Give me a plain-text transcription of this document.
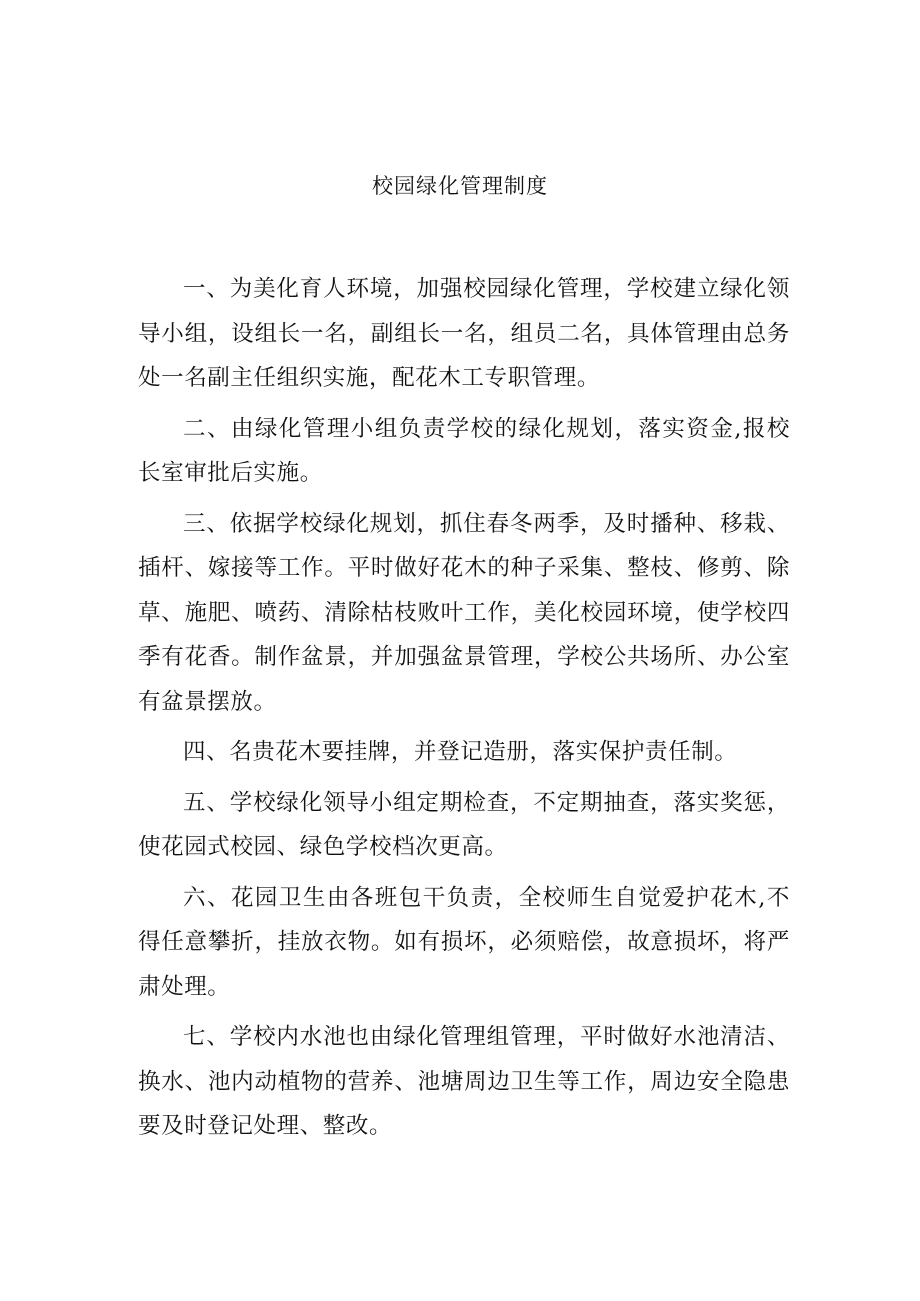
校园绿化管理制度

一、为美化育人环境，加强校园绿化管理，学校建立绿化领导小组，设组长一名，副组长一名，组员二名，具体管理由总务处一名副主任组织实施，配花木工专职管理。

二、由绿化管理小组负责学校的绿化规划，落实资金,报校长室审批后实施。

三、依据学校绿化规划，抓住春冬两季，及时播种、移栽、插杆、嫁接等工作。平时做好花木的种子采集、整枝、修剪、除草、施肥、喷药、清除枯枝败叶工作，美化校园环境，使学校四季有花香。制作盆景，并加强盆景管理，学校公共场所、办公室有盆景摆放。

四、名贵花木要挂牌，并登记造册，落实保护责任制。

五、学校绿化领导小组定期检查，不定期抽查，落实奖惩，使花园式校园、绿色学校档次更高。

六、花园卫生由各班包干负责，全校师生自觉爱护花木,不得任意攀折，挂放衣物。如有损坏，必须赔偿，故意损坏，将严肃处理。

七、学校内水池也由绿化管理组管理，平时做好水池清洁、换水、池内动植物的营养、池塘周边卫生等工作，周边安全隐患要及时登记处理、整改。
